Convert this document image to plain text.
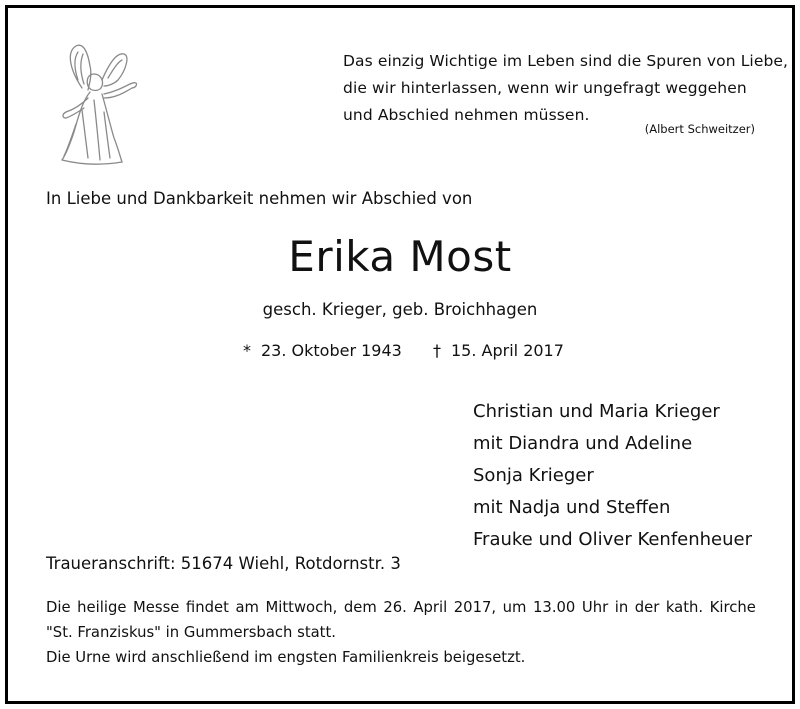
Das einzig Wichtige im Leben sind die Spuren von Liebe,
die wir hinterlassen, wenn wir ungefragt weggehen
und Abschied nehmen müssen.
(Albert Schweitzer)
In Liebe und Dankbarkeit nehmen wir Abschied von
Erika Most
gesch. Krieger, geb. Broichhagen
* 23. Oktober 1943 † 15. April 2017
Christian und Maria Krieger
mit Diandra und Adeline
Sonja Krieger
mit Nadja und Steffen
Frauke und Oliver Kenfenheuer
Traueranschrift: 51674 Wiehl, Rotdornstr. 3
Die heilige Messe findet am Mittwoch, dem 26. April 2017, um 13.00 Uhr in der kath. Kirche
"St. Franziskus" in Gummersbach statt.
Die Urne wird anschließend im engsten Familienkreis beigesetzt.
